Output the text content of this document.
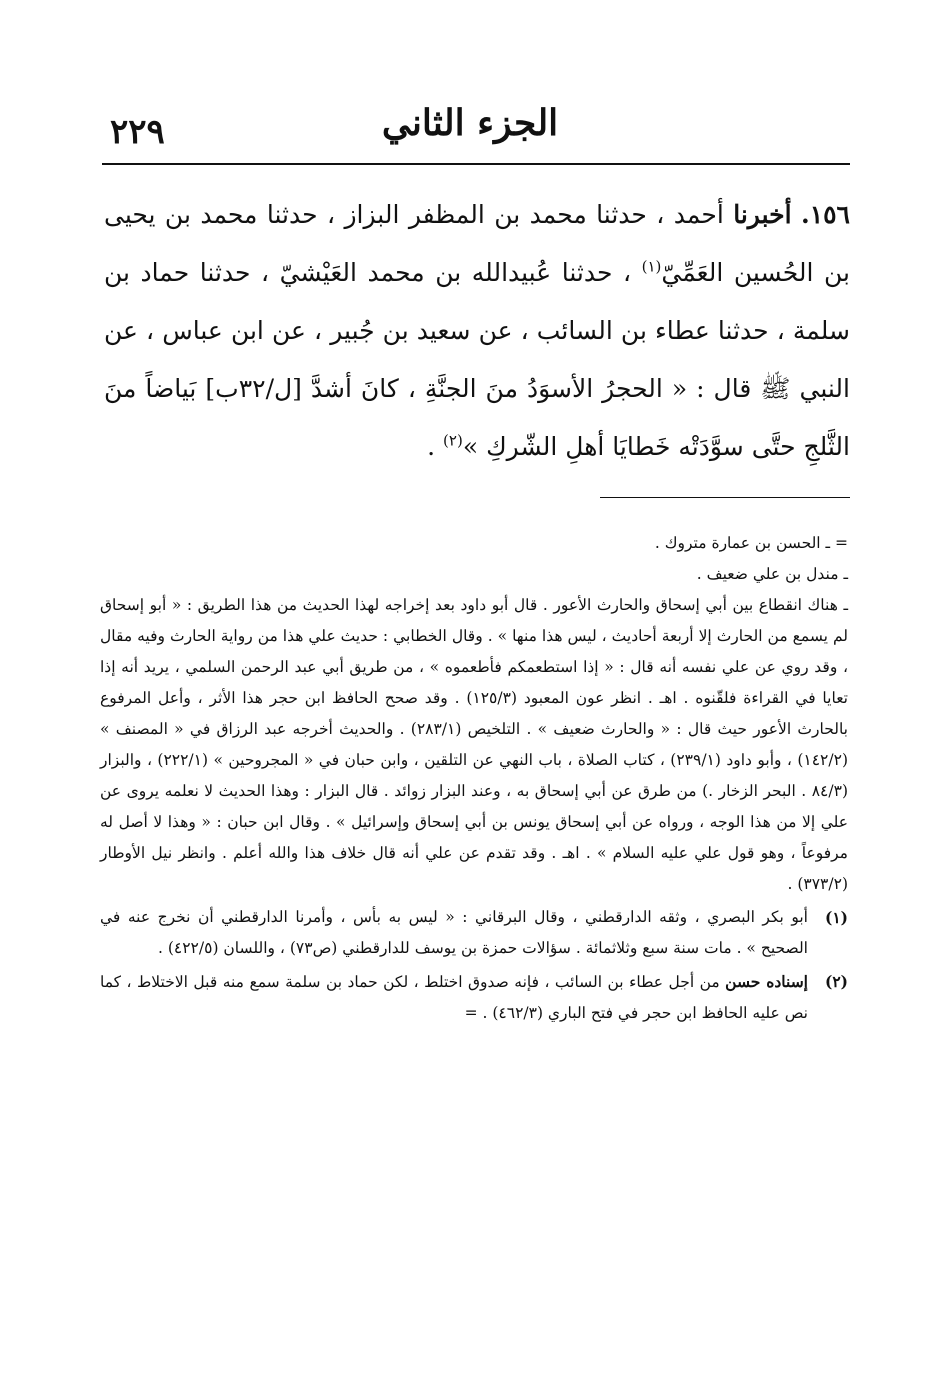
٢٢٩	الجزء الثاني
١٥٦. أخبرنا أحمد ، حدثنا محمد بن المظفر البزاز ، حدثنا محمد بن يحيى بن الحُسين العَمِّيّ$^{(١)}$ ، حدثنا عُبيدالله بن محمد العَيْشيّ ، حدثنا حماد بن سلمة ، حدثنا عطاء بن السائب ، عن سعيد بن جُبير ، عن ابن عباس ، عن النبي ﷺ قال : « الحجرُ الأسوَدُ منَ الجنَّةِ ، كانَ أشدَّ [ل/٣٢ب] بَياضاً منَ الثَّلجِ حتَّى سوَّدَتْه خَطايَا أهلِ الشّركِ »$^{(٢)}$ .

= ـ الحسن بن عمارة متروك .

ـ مندل بن علي ضعيف .

ـ هناك انقطاع بين أبي إسحاق والحارث الأعور . قال أبو داود بعد إخراجه لهذا الحديث من هذا الطريق : « أبو إسحاق لم يسمع من الحارث إلا أربعة أحاديث ، ليس هذا منها » . وقال الخطابي : حديث علي هذا من رواية الحارث وفيه مقال ، وقد روي عن علي نفسه أنه قال : « إذا استطعمكم فأطعموه » ، من طريق أبي عبد الرحمن السلمي ، يريد أنه إذا تعايا في القراءة فلقّنوه . اهـ . انظر عون المعبود (١٢٥/٣) . وقد صحح الحافظ ابن حجر هذا الأثر ، وأعل المرفوع بالحارث الأعور حيث قال : « والحارث ضعيف » . التلخيص (٢٨٣/١) . والحديث أخرجه عبد الرزاق في « المصنف » (١٤٢/٢) ، وأبو داود (٢٣٩/١) ، كتاب الصلاة ، باب النهي عن التلقين ، وابن حبان في « المجروحين » (٢٢٢/١) ، والبزار (٨٤/٣ . البحر الزخار .) من طرق عن أبي إسحاق به ، وعند البزار زوائد . قال البزار : وهذا الحديث لا نعلمه يروى عن علي إلا من هذا الوجه ، ورواه عن أبي إسحاق يونس بن أبي إسحاق وإسرائيل » . وقال ابن حبان : « وهذا لا أصل له مرفوعاً ، وهو قول علي عليه السلام » . اهـ . وقد تقدم عن علي أنه قال خلاف هذا والله أعلم . وانظر نيل الأوطار (٣٧٣/٢) .

(١)
أبو بكر البصري ، وثقه الدارقطني ، وقال البرقاني : « ليس به بأس ، وأمرنا الدارقطني أن نخرج عنه في الصحيح » . مات سنة سبع وثلاثمائة . سؤالات حمزة بن يوسف للدارقطني (ص٧٣) ، واللسان (٤٢٢/٥) .
(٢)
إسناده حسن من أجل عطاء بن السائب ، فإنه صدوق اختلط ، لكن حماد بن سلمة سمع منه قبل الاختلاط ، كما نص عليه الحافظ ابن حجر في فتح الباري (٤٦٢/٣) . =
